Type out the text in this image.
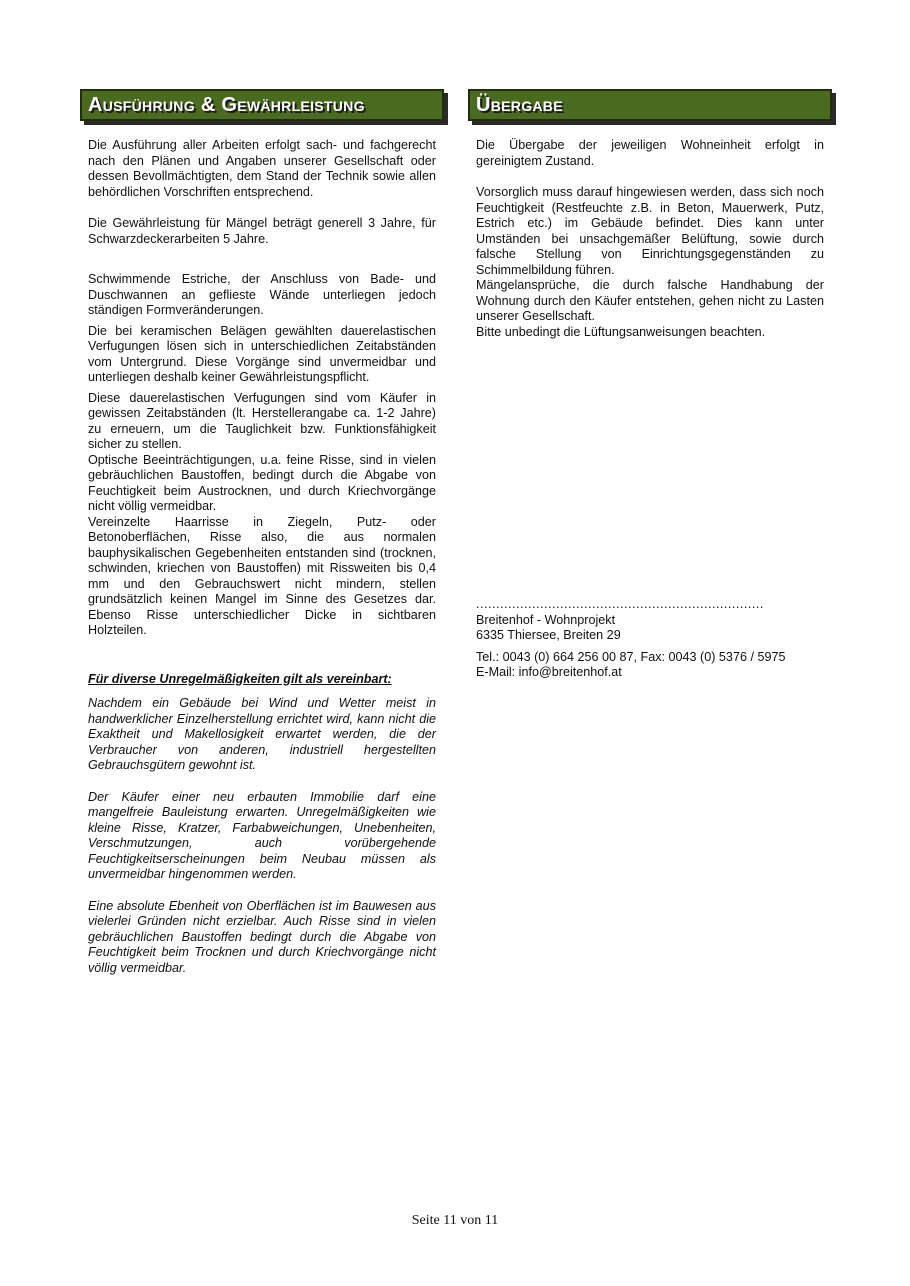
Ausführung & Gewährleistung

Die Ausführung aller Arbeiten erfolgt sach- und fachgerecht nach den Plänen und Angaben unserer Gesellschaft oder dessen Bevollmächtigten, dem Stand der Technik sowie allen behördlichen Vorschriften entsprechend.

Die Gewährleistung für Mängel beträgt generell 3 Jahre, für Schwarzdeckerarbeiten 5 Jahre.

Schwimmende Estriche, der Anschluss von Bade- und Duschwannen an geflieste Wände unterliegen jedoch ständigen Formveränderungen.

Die bei keramischen Belägen gewählten dauerelastischen Verfugungen lösen sich in unterschiedlichen Zeitabständen vom Untergrund. Diese Vorgänge sind unvermeidbar und unterliegen deshalb keiner Gewährleistungspflicht.

Diese dauerelastischen Verfugungen sind vom Käufer in gewissen Zeitabständen (lt. Herstellerangabe ca. 1-2 Jahre) zu erneuern, um die Tauglichkeit bzw. Funktionsfähigkeit sicher zu stellen.

Optische Beeinträchtigungen, u.a. feine Risse, sind in vielen gebräuchlichen Baustoffen, bedingt durch die Abgabe von Feuchtigkeit beim Austrocknen, und durch Kriechvorgänge nicht völlig vermeidbar.

Vereinzelte Haarrisse in Ziegeln, Putz- oder Betonoberflächen, Risse also, die aus normalen bauphysikalischen Gegebenheiten entstanden sind (trocknen, schwinden, kriechen von Baustoffen) mit Rissweiten bis 0,4 mm und den Gebrauchswert nicht mindern, stellen grundsätzlich keinen Mangel im Sinne des Gesetzes dar. Ebenso Risse unterschiedlicher Dicke in sichtbaren Holzteilen.

Für diverse Unregelmäßigkeiten gilt als vereinbart:

Nachdem ein Gebäude bei Wind und Wetter meist in handwerklicher Einzelherstellung errichtet wird, kann nicht die Exaktheit und Makellosigkeit erwartet werden, die der Verbraucher von anderen, industriell hergestellten Gebrauchsgütern gewohnt ist.

Der Käufer einer neu erbauten Immobilie darf eine mangelfreie Bauleistung erwarten. Unregelmäßigkeiten wie kleine Risse, Kratzer, Farbabweichungen, Unebenheiten, Verschmutzungen, auch vorübergehende Feuchtigkeitserscheinungen beim Neubau müssen als unvermeidbar hingenommen werden.

Eine absolute Ebenheit von Oberflächen ist im Bauwesen aus vielerlei Gründen nicht erzielbar. Auch Risse sind in vielen gebräuchlichen Baustoffen bedingt durch die Abgabe von Feuchtigkeit beim Trocknen und durch Kriechvorgänge nicht völlig vermeidbar.

Übergabe

Die Übergabe der jeweiligen Wohneinheit erfolgt in gereinigtem Zustand.

Vorsorglich muss darauf hingewiesen werden, dass sich noch Feuchtigkeit (Restfeuchte z.B. in Beton, Mauerwerk, Putz, Estrich etc.) im Gebäude befindet. Dies kann unter Umständen bei unsachgemäßer Belüftung, sowie durch falsche Stellung von Einrichtungsgegenständen zu Schimmelbildung führen.

Mängelansprüche, die durch falsche Handhabung der Wohnung durch den Käufer entstehen, gehen nicht zu Lasten unserer Gesellschaft.

Bitte unbedingt die Lüftungsanweisungen beachten.

........................................................................

Breitenhof - Wohnprojekt

6335 Thiersee, Breiten 29

Tel.: 0043 (0) 664 256 00 87, Fax: 0043 (0) 5376 / 5975

E-Mail: info@breitenhof.at

Seite 11 von 11
